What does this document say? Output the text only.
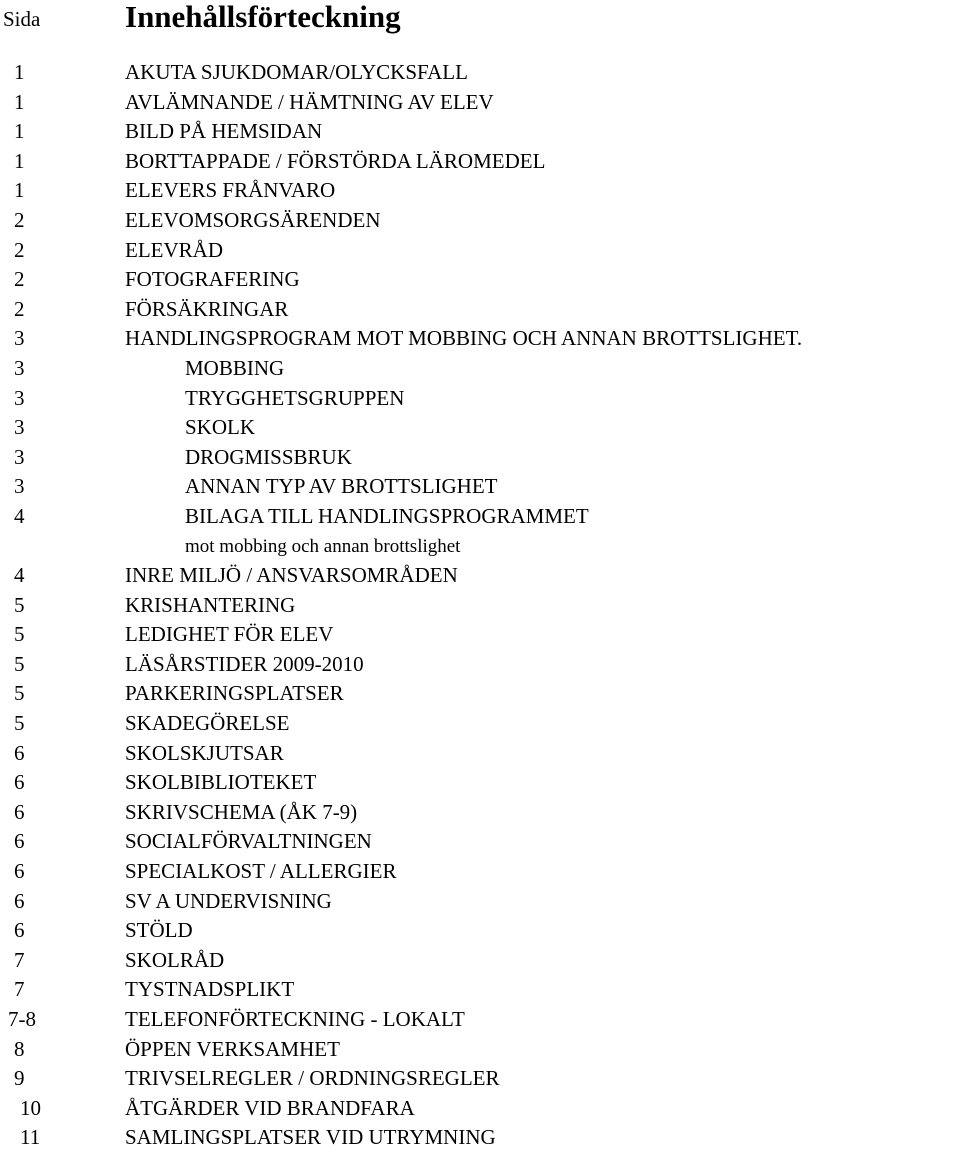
Sida	Innehållsförteckning
1	AKUTA SJUKDOMAR/OLYCKSFALL
1	AVLÄMNANDE / HÄMTNING AV ELEV
1	BILD PÅ HEMSIDAN
1	BORTTAPPADE / FÖRSTÖRDA LÄROMEDEL
1	ELEVERS FRÅNVARO
2	ELEVOMSORGSÄRENDEN
2	ELEVRÅD
2	FOTOGRAFERING
2	FÖRSÄKRINGAR
3	HANDLINGSPROGRAM MOT MOBBING OCH ANNAN BROTTSLIGHET.
3	MOBBING
3	TRYGGHETSGRUPPEN
3	SKOLK
3	DROGMISSBRUK
3	ANNAN TYP AV BROTTSLIGHET
4	BILAGA TILL HANDLINGSPROGRAMMET
mot mobbing och annan brottslighet
4	INRE MILJÖ / ANSVARSOMRÅDEN
5	KRISHANTERING
5	LEDIGHET FÖR ELEV
5	LÄSÅRSTIDER 2009-2010
5	PARKERINGSPLATSER
5	SKADEGÖRELSE
6	SKOLSKJUTSAR
6	SKOLBIBLIOTEKET
6	SKRIVSCHEMA (ÅK 7-9)
6	SOCIALFÖRVALTNINGEN
6	SPECIALKOST / ALLERGIER
6	SV A UNDERVISNING
6	STÖLD
7	SKOLRÅD
7	TYSTNADSPLIKT
7-8	TELEFONFÖRTECKNING - LOKALT
8	ÖPPEN VERKSAMHET
9	TRIVSELREGLER / ORDNINGSREGLER
10	ÅTGÄRDER VID BRANDFARA
11	SAMLINGSPLATSER VID UTRYMNING
